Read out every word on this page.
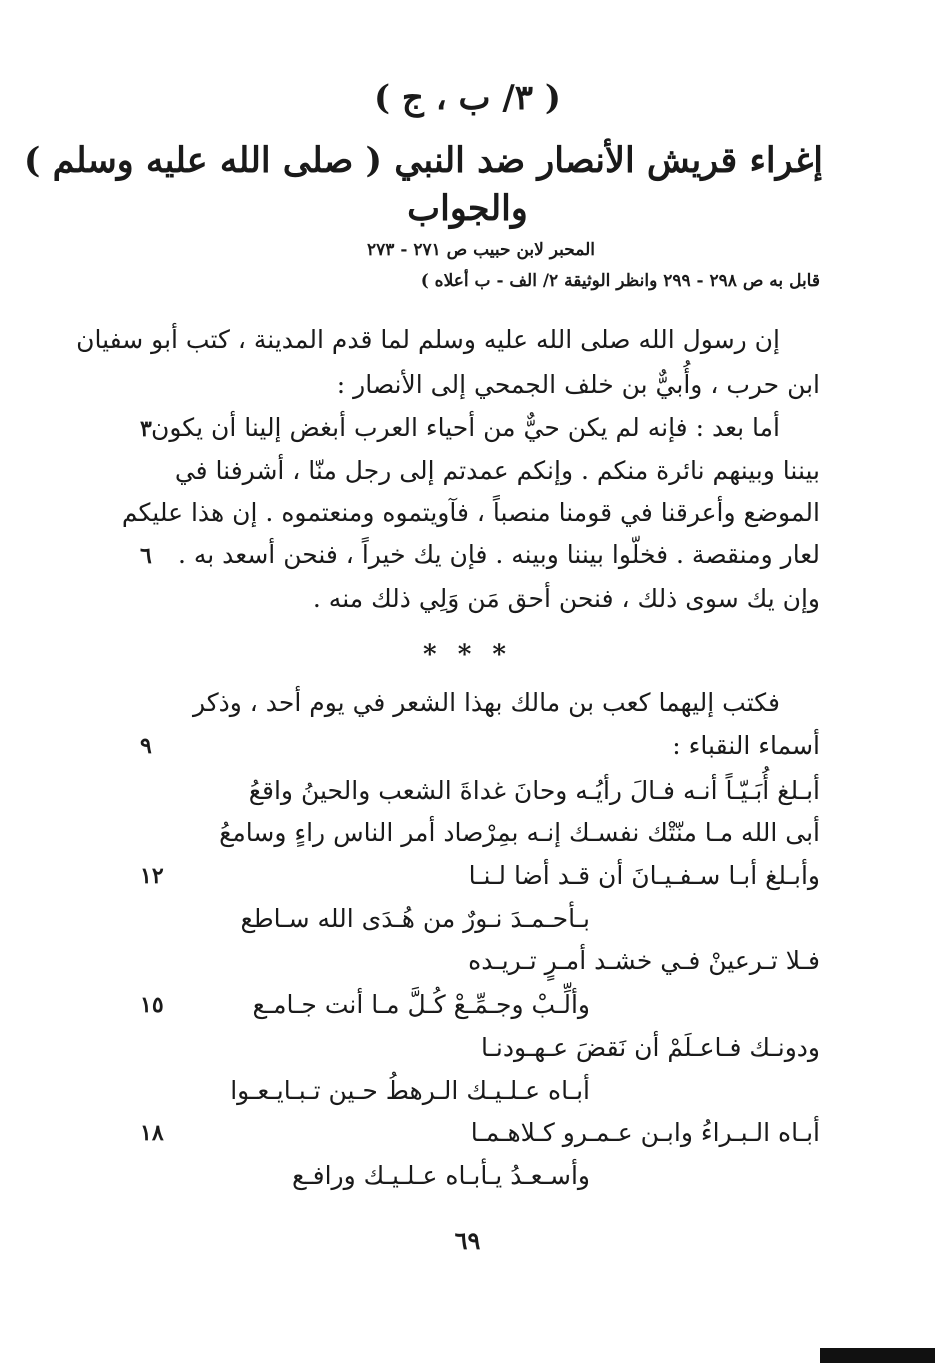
( ٣/ ب ، ج )
إغراء قريش الأنصار ضد النبي ( صلى الله عليه وسلم )
والجواب
المحبر لابن حبيب ص ٢٧١ - ٢٧٣
قابل به ص ٢٩٨ - ٢٩٩ وانظر الوثيقة ٢/ الف - ب أعلاه )
إن رسول الله صلى الله عليه وسلم لما قدم المدينة ، كتب أبو سفيان
ابن حرب ، وأُبيٌّ بن خلف الجمحي إلى الأنصار :
أما بعد : فإنه لم يكن حيٌّ من أحياء العرب أبغض إلينا أن يكون
٣
بيننا وبينهم نائرة منكم . وإنكم عمدتم إلى رجل منّا ، أشرفنا في
الموضع وأعرقنا في قومنا منصباً ، فآويتموه ومنعتموه . إن هذا عليكم
لعار ومنقصة . فخلّوا بيننا وبينه . فإن يك خيراً ، فنحن أسعد به .
٦
وإن يك سوى ذلك ، فنحن أحق مَن وَلِي ذلك منه .
* * *
فكتب إليهما كعب بن مالك بهذا الشعر في يوم أحد ، وذكر
أسماء النقباء :
٩
أبـلغ أُبَـيّـاً أنـه فـالَ رأيُـه وحانَ غداةَ الشعب والحينُ واقعُ
أبى الله مـا منّتْك نفسـك إنـه بمِرْصاد أمر الناس راءٍ وسامعُ
وأبـلغ أبـا سـفـيـانَ أن قـد أضا لـنـا
١٢
بـأحـمـدَ نـورٌ من هُـدَى الله سـاطع
فـلا تـرعينْ فـي خشـد أمـرٍ تـريـده
وألِّـبْ وجـمِّـعْ كُـلَّ مـا أنت جـامـع
١٥
ودونـك فـاعـلَمْ أن نَقضَ عـهـودنـا
أبـاه عـلـيـك الـرهطُ حـين تـبـايـعـوا
أبـاه الـبـراءُ وابـن عـمـرو كـلاهـمـا
١٨
وأسـعـدُ يـأبـاه عـلـيـك ورافـع
٦٩
